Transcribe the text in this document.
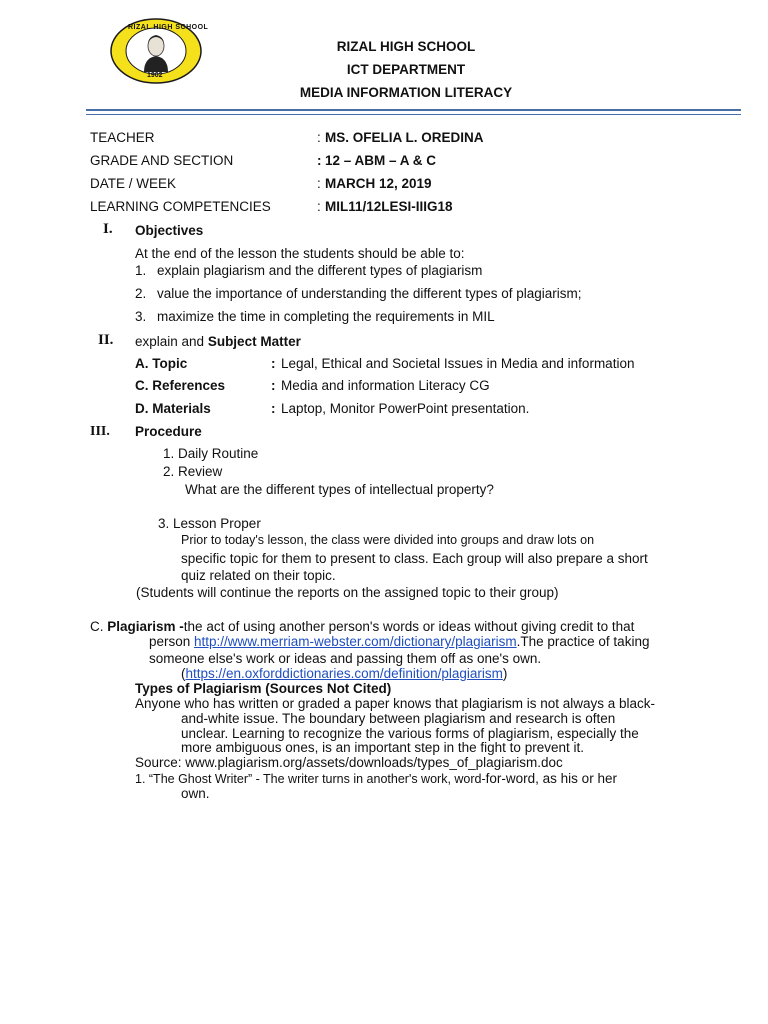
RIZAL HIGH SCHOOL
1902
RIZAL HIGH SCHOOL
ICT DEPARTMENT
MEDIA INFORMATION LITERACY
TEACHER	: MS. OFELIA L. OREDINA
GRADE AND SECTION	: 12 – ABM – A & C
DATE / WEEK	: MARCH 12, 2019
LEARNING COMPETENCIES	: MIL11/12LESI-IIIG18
I. Objectives
At the end of the lesson the students should be able to:
1. explain plagiarism and the different types of plagiarism
2. value the importance of understanding the different types of plagiarism;
3. maximize the time in completing the requirements in MIL
II. explain and Subject Matter
A. Topic	: Legal, Ethical and Societal Issues in Media and information
C. References	: Media and information Literacy CG
D. Materials	: Laptop, Monitor PowerPoint presentation.
III. Procedure
1. Daily Routine
2. Review
What are the different types of intellectual property?
3. Lesson Proper
Prior to today's lesson, the class were divided into groups and draw lots on
specific topic for them to present to class. Each group will also prepare a short
quiz related on their topic.
(Students will continue the reports on the assigned topic to their group)
C. Plagiarism -the act of using another person's words or ideas without giving credit to that
person http://www.merriam-webster.com/dictionary/plagiarism.The practice of taking
someone else's work or ideas and passing them off as one's own.
(https://en.oxforddictionaries.com/definition/plagiarism)
Types of Plagiarism (Sources Not Cited)
Anyone who has written or graded a paper knows that plagiarism is not always a black-
and-white issue. The boundary between plagiarism and research is often
unclear. Learning to recognize the various forms of plagiarism, especially the
more ambiguous ones, is an important step in the fight to prevent it.
Source: www.plagiarism.org/assets/downloads/types_of_plagiarism.doc
1. “The Ghost Writer” - The writer turns in another's work, word-for-word, as his or her
own.
